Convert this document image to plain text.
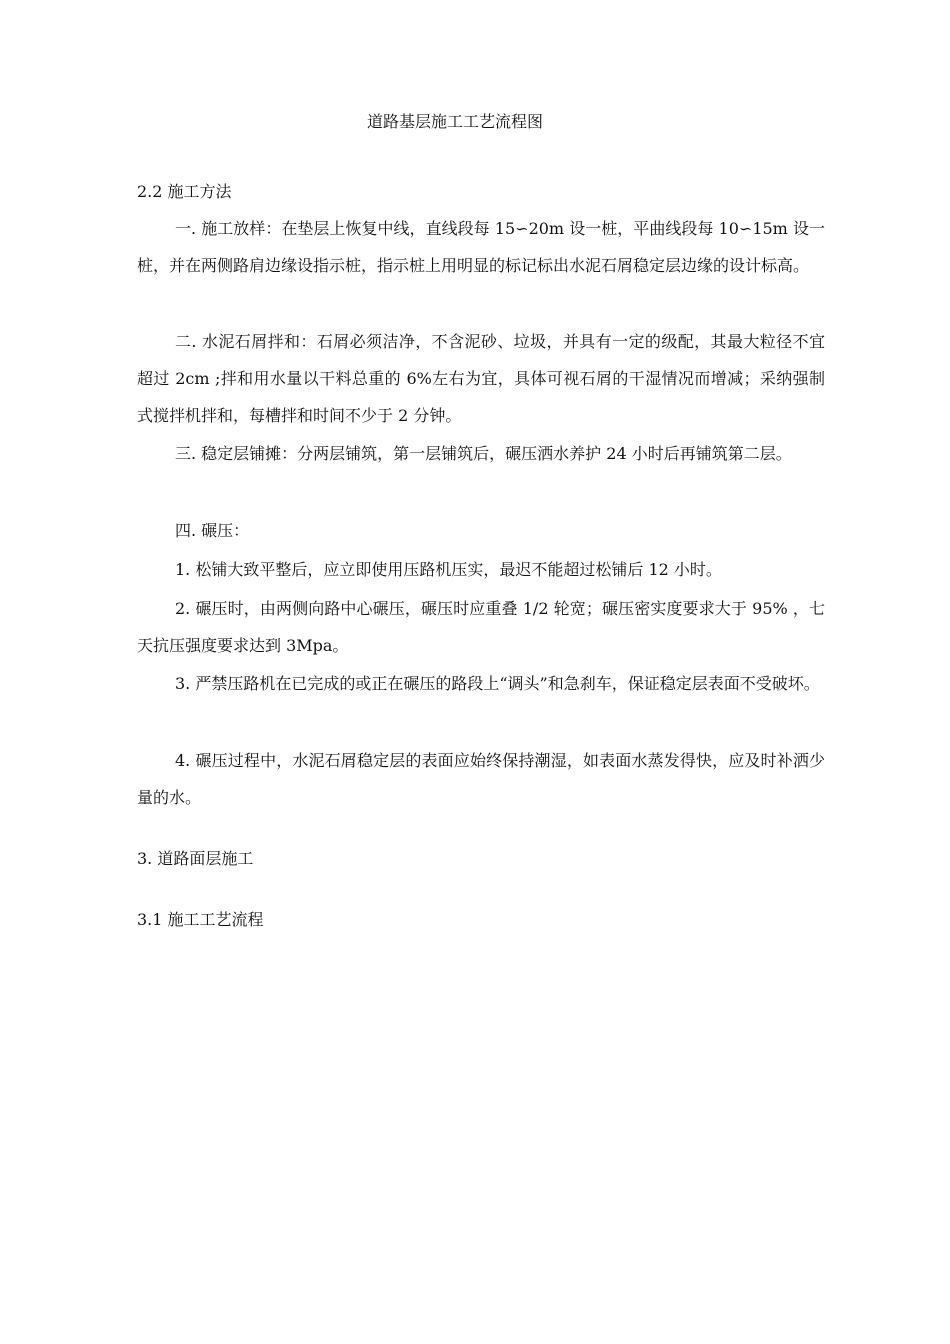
道路基层施工工艺流程图
2.2 施工方法
一. 施工放样：在垫层上恢复中线，直线段每 15∽20m 设一桩，平曲线段每 10∽15m 设一桩，并在两侧路肩边缘设指示桩，指示桩上用明显的标记标出水泥石屑稳定层边缘的设计标高。
二. 水泥石屑拌和：石屑必须洁净，不含泥砂、垃圾，并具有一定的级配，其最大粒径不宜超过 2cm ;拌和用水量以干料总重的 6%左右为宜，具体可视石屑的干湿情况而增减；采纳强制式搅拌机拌和，每槽拌和时间不少于 2 分钟。
三. 稳定层铺摊：分两层铺筑，第一层铺筑后，碾压洒水养护 24 小时后再铺筑第二层。
四. 碾压：
1. 松铺大致平整后，应立即使用压路机压实，最迟不能超过松铺后 12 小时。
2. 碾压时，由两侧向路中心碾压，碾压时应重叠 1/2 轮宽；碾压密实度要求大于 95% ，七天抗压强度要求达到 3Mpa。
3. 严禁压路机在已完成的或正在碾压的路段上“调头”和急刹车，保证稳定层表面不受破坏。
4. 碾压过程中，水泥石屑稳定层的表面应始终保持潮湿，如表面水蒸发得快，应及时补洒少量的水。
3. 道路面层施工
3.1 施工工艺流程
